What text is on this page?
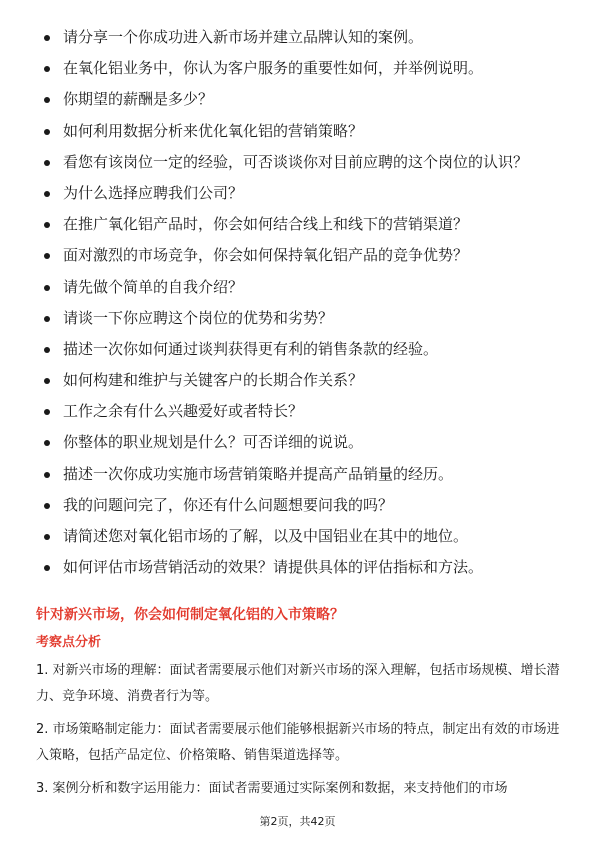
请分享一个你成功进入新市场并建立品牌认知的案例。
在氧化铝业务中，你认为客户服务的重要性如何，并举例说明。
你期望的薪酬是多少？
如何利用数据分析来优化氧化铝的营销策略？
看您有该岗位一定的经验，可否谈谈你对目前应聘的这个岗位的认识？
为什么选择应聘我们公司？
在推广氧化铝产品时，你会如何结合线上和线下的营销渠道？
面对激烈的市场竞争，你会如何保持氧化铝产品的竞争优势？
请先做个简单的自我介绍？
请谈一下你应聘这个岗位的优势和劣势？
描述一次你如何通过谈判获得更有利的销售条款的经验。
如何构建和维护与关键客户的长期合作关系？
工作之余有什么兴趣爱好或者特长？
你整体的职业规划是什么？可否详细的说说。
描述一次你成功实施市场营销策略并提高产品销量的经历。
我的问题问完了，你还有什么问题想要问我的吗？
请简述您对氧化铝市场的了解，以及中国铝业在其中的地位。
如何评估市场营销活动的效果？请提供具体的评估指标和方法。
针对新兴市场，你会如何制定氧化铝的入市策略？
考察点分析

1. 对新兴市场的理解：面试者需要展示他们对新兴市场的深入理解，包括市场规模、增长潜力、竞争环境、消费者行为等。

2. 市场策略制定能力：面试者需要展示他们能够根据新兴市场的特点，制定出有效的市场进入策略，包括产品定位、价格策略、销售渠道选择等。

3. 案例分析和数字运用能力：面试者需要通过实际案例和数据，来支持他们的市场

第2页，共42页
